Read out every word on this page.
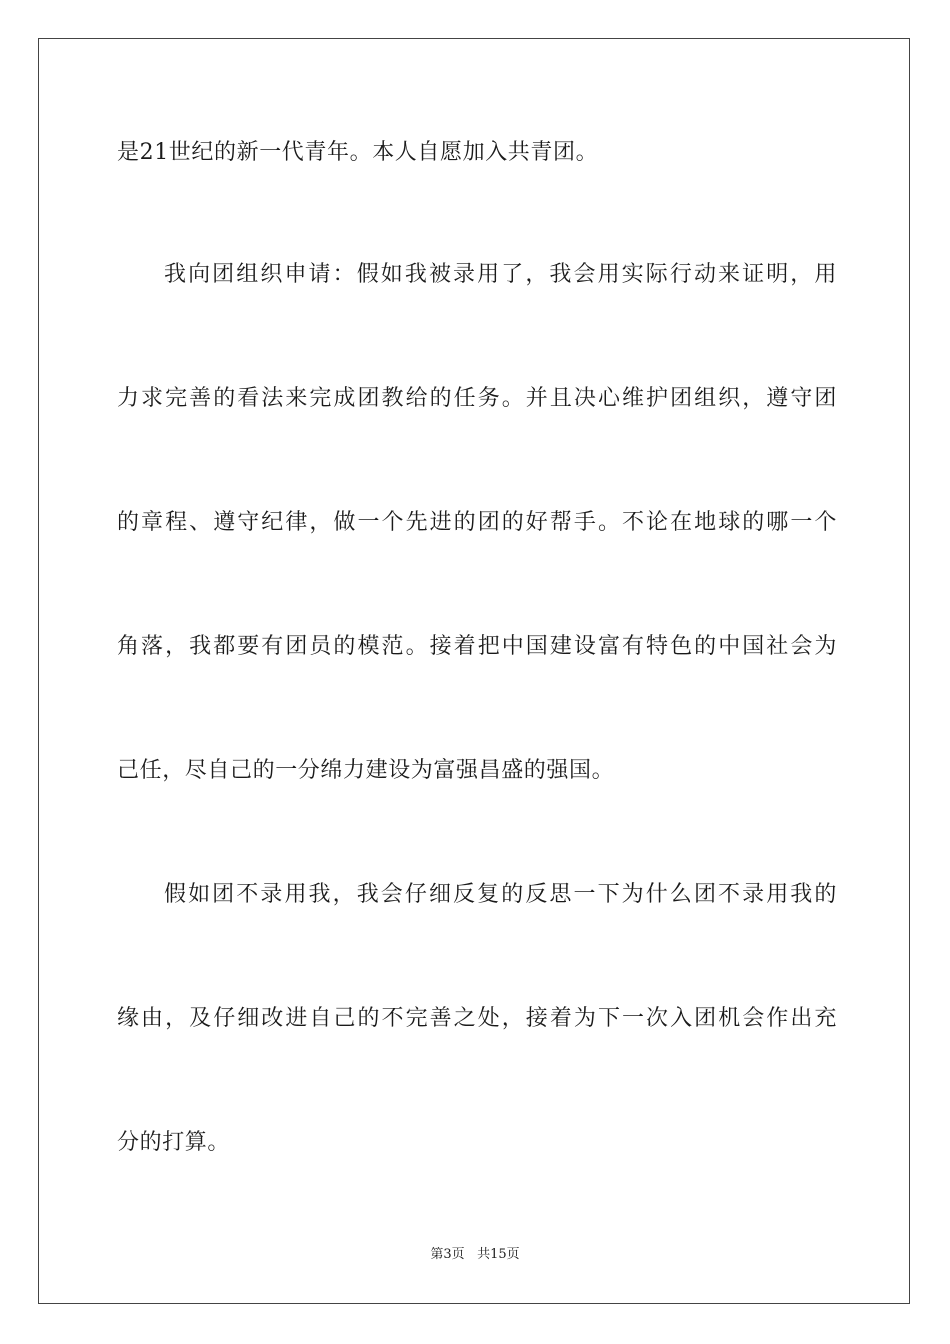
是21世纪的新一代青年。本人自愿加入共青团。
我向团组织申请：假如我被录用了，我会用实际行动来证明，用
力求完善的看法来完成团教给的任务。并且决心维护团组织，遵守团
的章程、遵守纪律，做一个先进的团的好帮手。不论在地球的哪一个
角落，我都要有团员的模范。接着把中国建设富有特色的中国社会为
己任，尽自己的一分绵力建设为富强昌盛的强国。
假如团不录用我，我会仔细反复的反思一下为什么团不录用我的
缘由，及仔细改进自己的不完善之处，接着为下一次入团机会作出充
分的打算。
第3页 共15页
